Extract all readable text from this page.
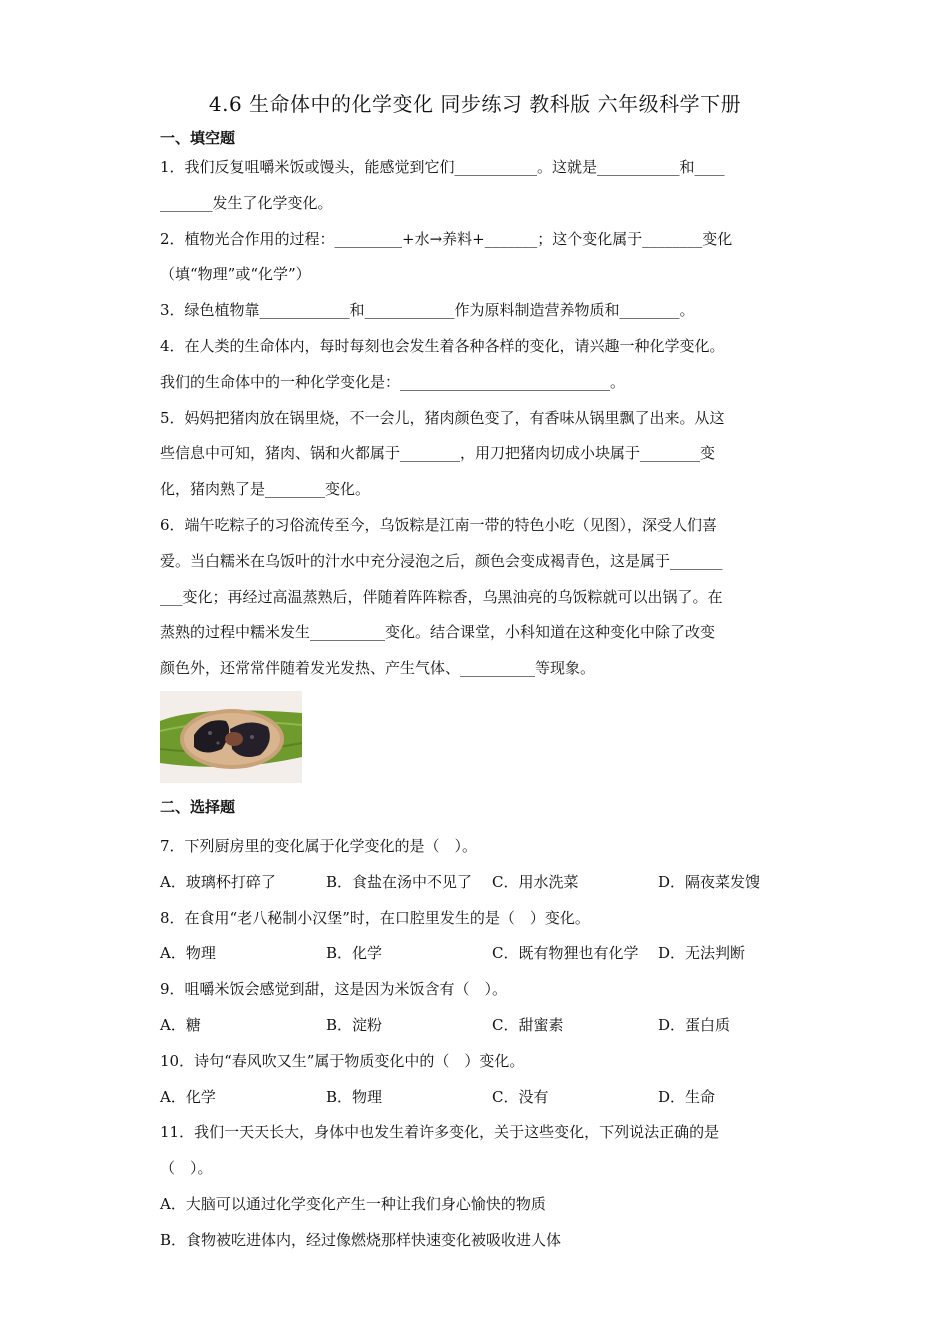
4.6 生命体中的化学变化 同步练习 教科版 六年级科学下册
一、填空题
1．我们反复咀嚼米饭或馒头，能感觉到它们___________。这就是___________和____
_______发生了化学变化。
2．植物光合作用的过程：_________+水→养料+_______；这个变化属于________变化
（填“物理”或“化学”）
3．绿色植物靠____________和____________作为原料制造营养物质和________。
4．在人类的生命体内，每时每刻也会发生着各种各样的变化，请兴趣一种化学变化。
我们的生命体中的一种化学变化是：____________________________。
5．妈妈把猪肉放在锅里烧，不一会儿，猪肉颜色变了，有香味从锅里飘了出来。从这
些信息中可知，猪肉、锅和火都属于________，用刀把猪肉切成小块属于________变
化，猪肉熟了是________变化。
6．端午吃粽子的习俗流传至今，乌饭粽是江南一带的特色小吃（见图），深受人们喜
爱。当白糯米在乌饭叶的汁水中充分浸泡之后，颜色会变成褐青色，这是属于_______
___变化；再经过高温蒸熟后，伴随着阵阵粽香，乌黑油亮的乌饭粽就可以出锅了。在
蒸熟的过程中糯米发生__________变化。结合课堂，小科知道在这种变化中除了改变
颜色外，还常常伴随着发光发热、产生气体、__________等现象。
二、选择题
7．下列厨房里的变化属于化学变化的是（　）。
A．玻璃杯打碎了	B．食盐在汤中不见了	C．用水洗菜	D．隔夜菜发馊
8．在食用“老八秘制小汉堡”时，在口腔里发生的是（　）变化。
A．物理	B．化学	C．既有物狸也有化学	D．无法判断
9．咀嚼米饭会感觉到甜，这是因为米饭含有（　）。
A．糖	B．淀粉	C．甜蜜素	D．蛋白质
10．诗句“春风吹又生”属于物质变化中的（　）变化。
A．化学	B．物理	C．没有	D．生命
11．我们一天天长大，身体中也发生着许多变化，关于这些变化，下列说法正确的是
（　）。
A．大脑可以通过化学变化产生一种让我们身心愉快的物质
B．食物被吃进体内，经过像燃烧那样快速变化被吸收进人体
